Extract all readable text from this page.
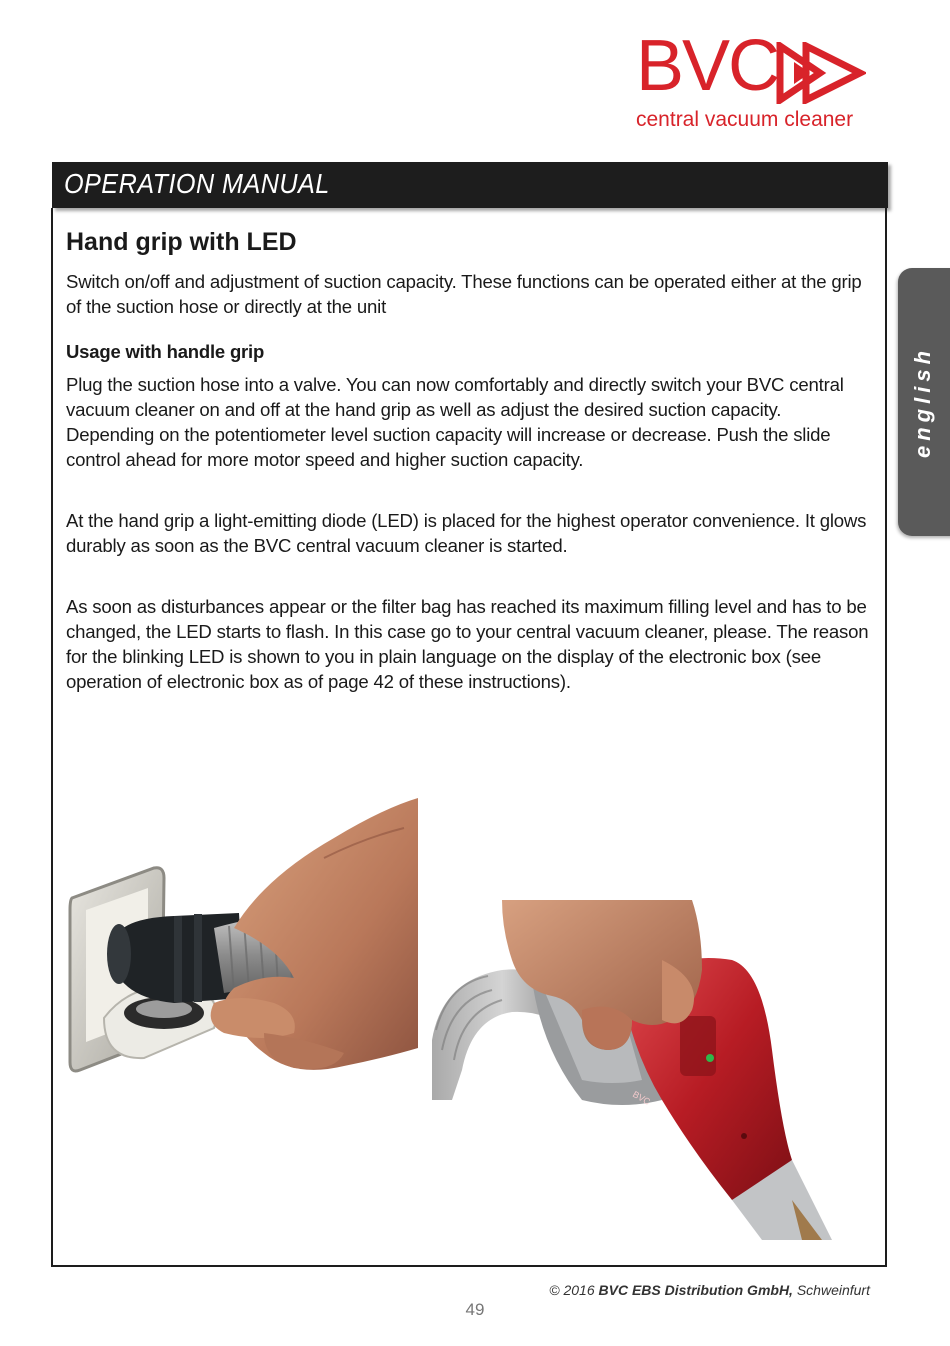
BVC
central vacuum cleaner
OPERATION MANUAL
english
Hand grip with LED

Switch on/off and adjustment of suction capacity. These functions can be operated either at the grip of the suction hose or directly at the unit

Usage with handle grip

Plug the suction hose into a valve. You can now comfortably and directly switch your BVC central vacuum cleaner on and off at the hand grip as well as adjust the desired suction capacity. Depending on the potentiometer level suction capacity will increase or decrease. Push the slide control ahead for more motor speed and higher suction capacity.

At the hand grip a light-emitting diode (LED) is placed for the highest operator convenience. It glows durably as soon as the BVC central vacuum cleaner is started.

As soon as disturbances appear or the filter bag has reached its maximum filling level and has to be changed, the LED starts to flash. In this case go to your central vacuum cleaner, please. The reason for the blinking LED is shown to you in plain language on the display of the electronic box (see operation of electronic box as of page 42 of these instructions).

BVC
© 2016 BVC EBS Distribution GmbH, Schweinfurt
49
